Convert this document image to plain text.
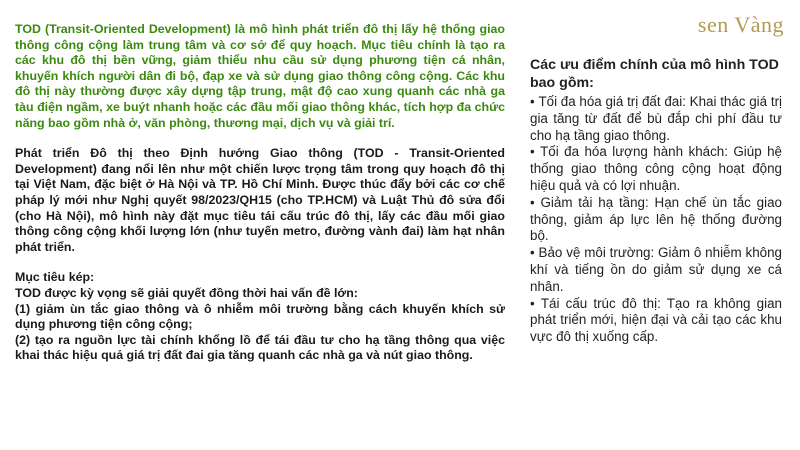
sen Vàng

TOD (Transit-Oriented Development) là mô hình phát triển đô thị lấy hệ thống giao thông công cộng làm trung tâm và cơ sở để quy hoạch. Mục tiêu chính là tạo ra các khu đô thị bền vững, giảm thiểu nhu cầu sử dụng phương tiện cá nhân, khuyến khích người dân đi bộ, đạp xe và sử dụng giao thông công cộng. Các khu đô thị này thường được xây dựng tập trung, mật độ cao xung quanh các nhà ga tàu điện ngầm, xe buýt nhanh hoặc các đầu mối giao thông khác, tích hợp đa chức năng bao gồm nhà ở, văn phòng, thương mại, dịch vụ và giải trí.

Phát triển Đô thị theo Định hướng Giao thông (TOD - Transit-Oriented Development) đang nổi lên như một chiến lược trọng tâm trong quy hoạch đô thị tại Việt Nam, đặc biệt ở Hà Nội và TP. Hồ Chí Minh. Được thúc đẩy bởi các cơ chế pháp lý mới như Nghị quyết 98/2023/QH15 (cho TP.HCM) và Luật Thủ đô sửa đổi (cho Hà Nội), mô hình này đặt mục tiêu tái cấu trúc đô thị, lấy các đầu mối giao thông công cộng khối lượng lớn (như tuyến metro, đường vành đai) làm hạt nhân phát triển.

Mục tiêu kép:

TOD được kỳ vọng sẽ giải quyết đồng thời hai vấn đề lớn:

(1) giảm ùn tắc giao thông và ô nhiễm môi trường bằng cách khuyến khích sử dụng phương tiện công cộng;

(2) tạo ra nguồn lực tài chính khổng lồ để tái đầu tư cho hạ tầng thông qua việc khai thác hiệu quả giá trị đất đai gia tăng quanh các nhà ga và nút giao thông.

Các ưu điểm chính của mô hình TOD bao gồm:
• Tối đa hóa giá trị đất đai: Khai thác giá trị gia tăng từ đất để bù đắp chi phí đầu tư cho hạ tầng giao thông.
• Tối đa hóa lượng hành khách: Giúp hệ thống giao thông công cộng hoạt động hiệu quả và có lợi nhuận.
• Giảm tải hạ tầng: Hạn chế ùn tắc giao thông, giảm áp lực lên hệ thống đường bộ.
• Bảo vệ môi trường: Giảm ô nhiễm không khí và tiếng ồn do giảm sử dụng xe cá nhân.
• Tái cấu trúc đô thị: Tạo ra không gian phát triển mới, hiện đại và cải tạo các khu vực đô thị xuống cấp.
